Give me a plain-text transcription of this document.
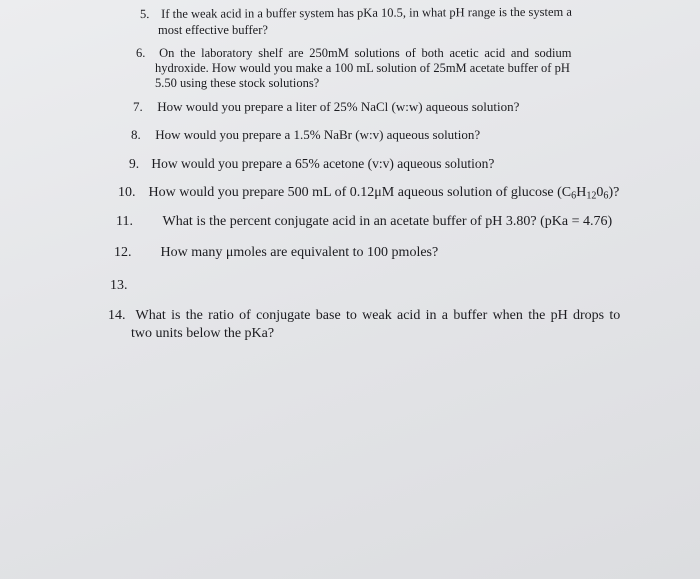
5. If the weak acid in a buffer system has pKa 10.5, in what pH range is the system a
most effective buffer?
6. On the laboratory shelf are 250mM solutions of both acetic acid and sodium
hydroxide. How would you make a 100 mL solution of 25mM acetate buffer of pH
5.50 using these stock solutions?
7. How would you prepare a liter of 25% NaCl (w:w) aqueous solution?
8. How would you prepare a 1.5% NaBr (w:v) aqueous solution?
9. How would you prepare a 65% acetone (v:v) aqueous solution?
10. How would you prepare 500 mL of 0.12μM aqueous solution of glucose $(C_6H_{12}0_6)$?
11. What is the percent conjugate acid in an acetate buffer of pH 3.80? (pKa = 4.76)
12. How many μmoles are equivalent to 100 pmoles?
13.
14. What is the ratio of conjugate base to weak acid in a buffer when the pH drops to
two units below the pKa?
